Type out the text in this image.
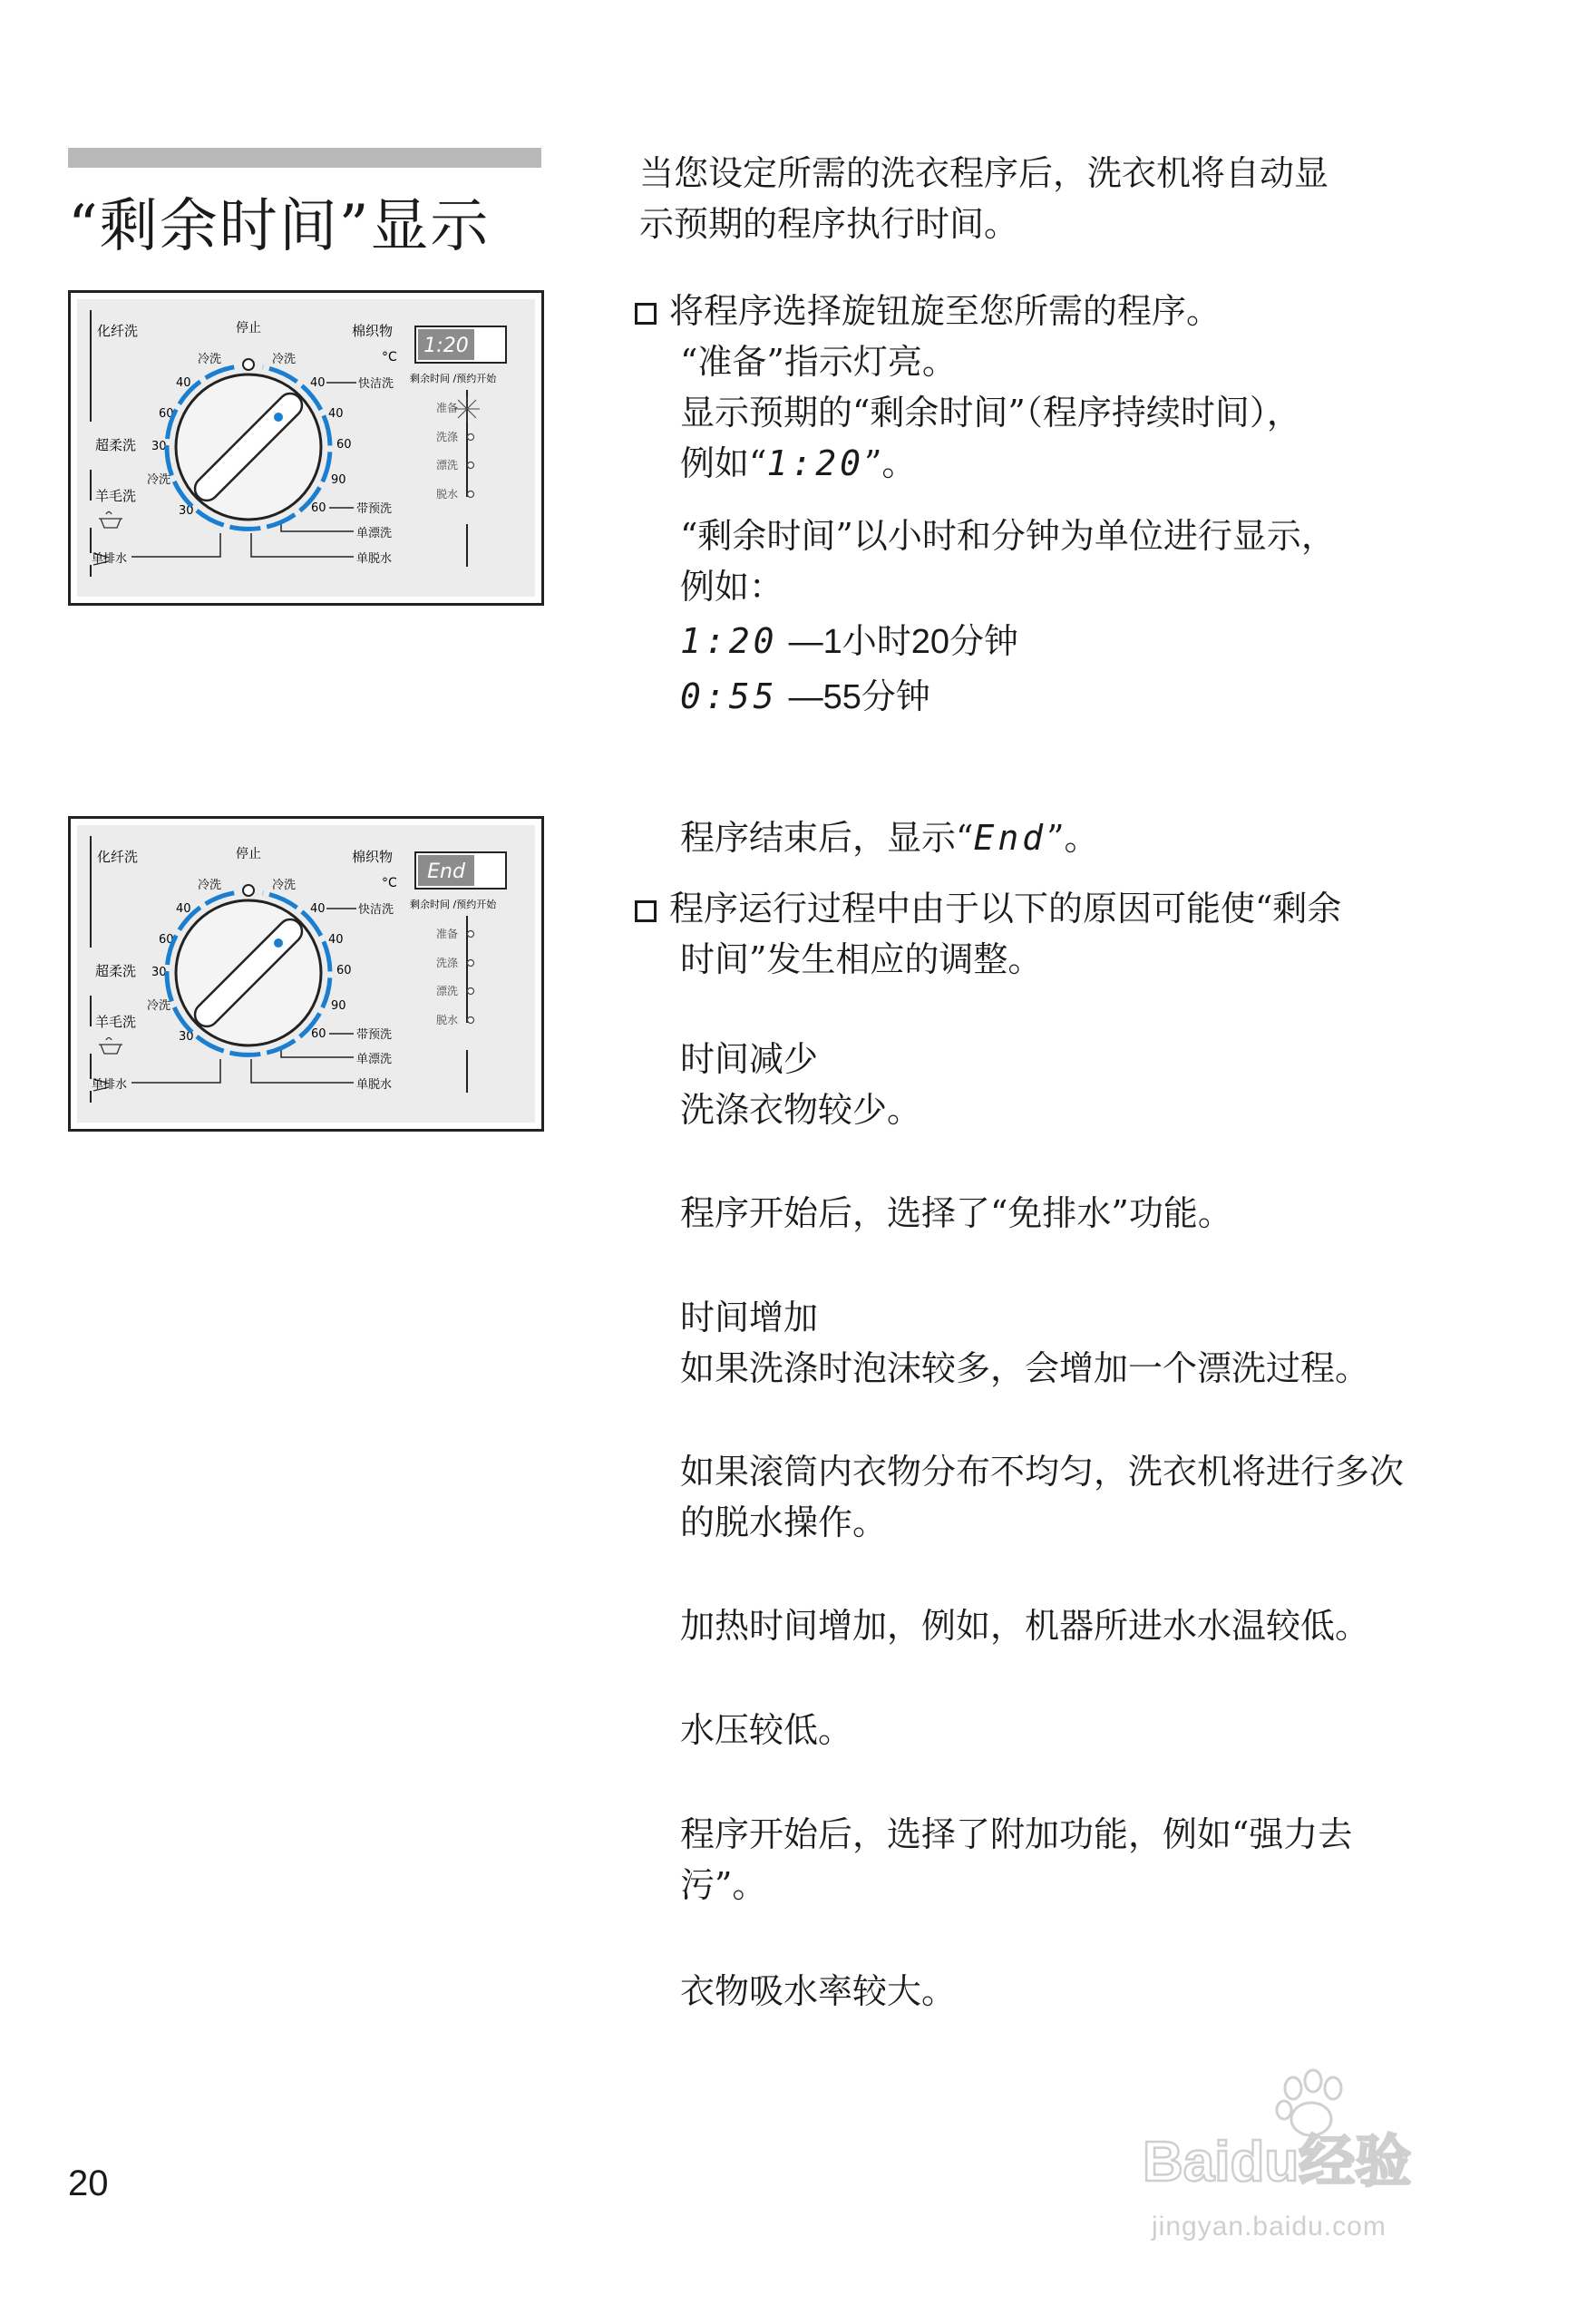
“剩余时间”显示
化纤洗	停止	棉织物
冷洗	冷洗	°C
40	40	快洁洗 剩余时间 /预约开始
60	40	准备
洗涤
超柔洗 30	60
漂洗
脱水
羊毛洗
冷洗	90
30	60	带预洗
单漂洗
单脱水
单排水
1:20
化纤洗	停止	棉织物
冷洗	冷洗	°C
40	40	快洁洗 剩余时间 /预约开始
60	40	准备
洗涤
超柔洗 30	60
漂洗
脱水
羊毛洗
冷洗	90
30	60	带预洗
单漂洗
单脱水
单排水
End
当您设定所需的洗衣程序后，洗衣机将自动显
示预期的程序执行时间。
将程序选择旋钮旋至您所需的程序。
“准备”指示灯亮。
显示预期的“剩余时间”（程序持续时间），
例如“1:20”。
“剩余时间”以小时和分钟为单位进行显示，
例如：
1:20 —1小时20分钟
0:55 —55分钟
程序结束后，显示“End”。
程序运行过程中由于以下的原因可能使“剩余
时间”发生相应的调整。
时间减少
洗涤衣物较少。
程序开始后，选择了“免排水”功能。
时间增加
如果洗涤时泡沫较多，会增加一个漂洗过程。
如果滚筒内衣物分布不均匀，洗衣机将进行多次
的脱水操作。
加热时间增加，例如，机器所进水水温较低。
水压较低。
程序开始后，选择了附加功能，例如“强力去
污”。
衣物吸水率较大。
20	Baidu经验
jingyan.baidu.com
